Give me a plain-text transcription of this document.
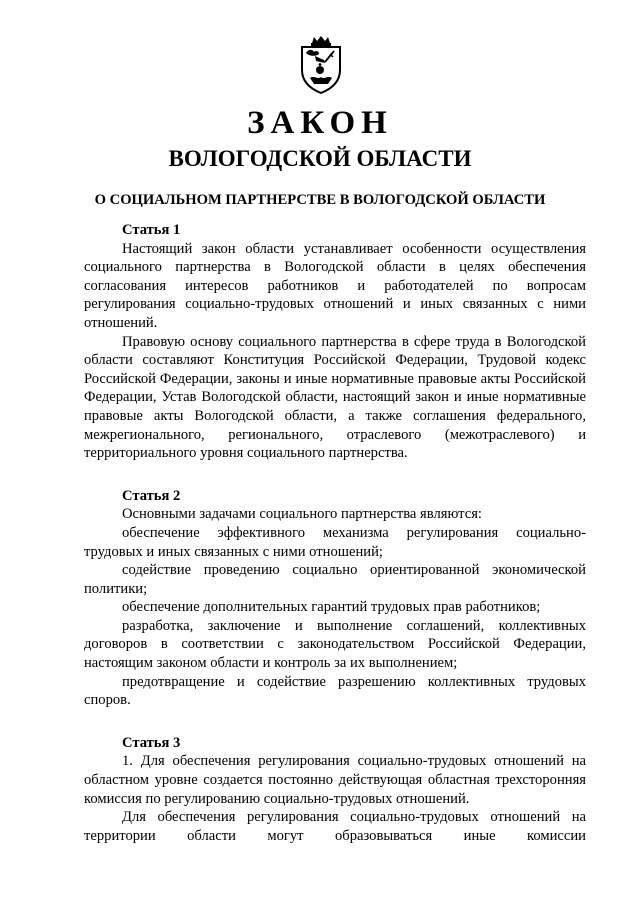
ЗАКОН
ВОЛОГОДСКОЙ ОБЛАСТИ
О СОЦИАЛЬНОМ ПАРТНЕРСТВЕ В ВОЛОГОДСКОЙ ОБЛАСТИ

Статья 1

Настоящий закон области устанавливает особенности осуществления социального партнерства в Вологодской области в целях обеспечения согласования интересов работников и работодателей по вопросам регулирования социально-трудовых отношений и иных связанных с ними отношений.

Правовую основу социального партнерства в сфере труда в Вологодской области составляют Конституция Российской Федерации, Трудовой кодекс Российской Федерации, законы и иные нормативные правовые акты Российской Федерации, Устав Вологодской области, настоящий закон и иные нормативные правовые акты Вологодской области, а также соглашения федерального, межрегионального, регионального, отраслевого (межотраслевого) и территориального уровня социального партнерства.

Статья 2

Основными задачами социального партнерства являются:

обеспечение эффективного механизма регулирования социально-трудовых и иных связанных с ними отношений;

содействие проведению социально ориентированной экономической политики;

обеспечение дополнительных гарантий трудовых прав работников;

разработка, заключение и выполнение соглашений, коллективных договоров в соответствии с законодательством Российской Федерации, настоящим законом области и контроль за их выполнением;

предотвращение и содействие разрешению коллективных трудовых споров.

Статья 3

1. Для обеспечения регулирования социально-трудовых отношений на областном уровне создается постоянно действующая областная трехсторонняя комиссия по регулированию социально-трудовых отношений.

Для обеспечения регулирования социально-трудовых отношений на территории области могут образовываться иные комиссии
